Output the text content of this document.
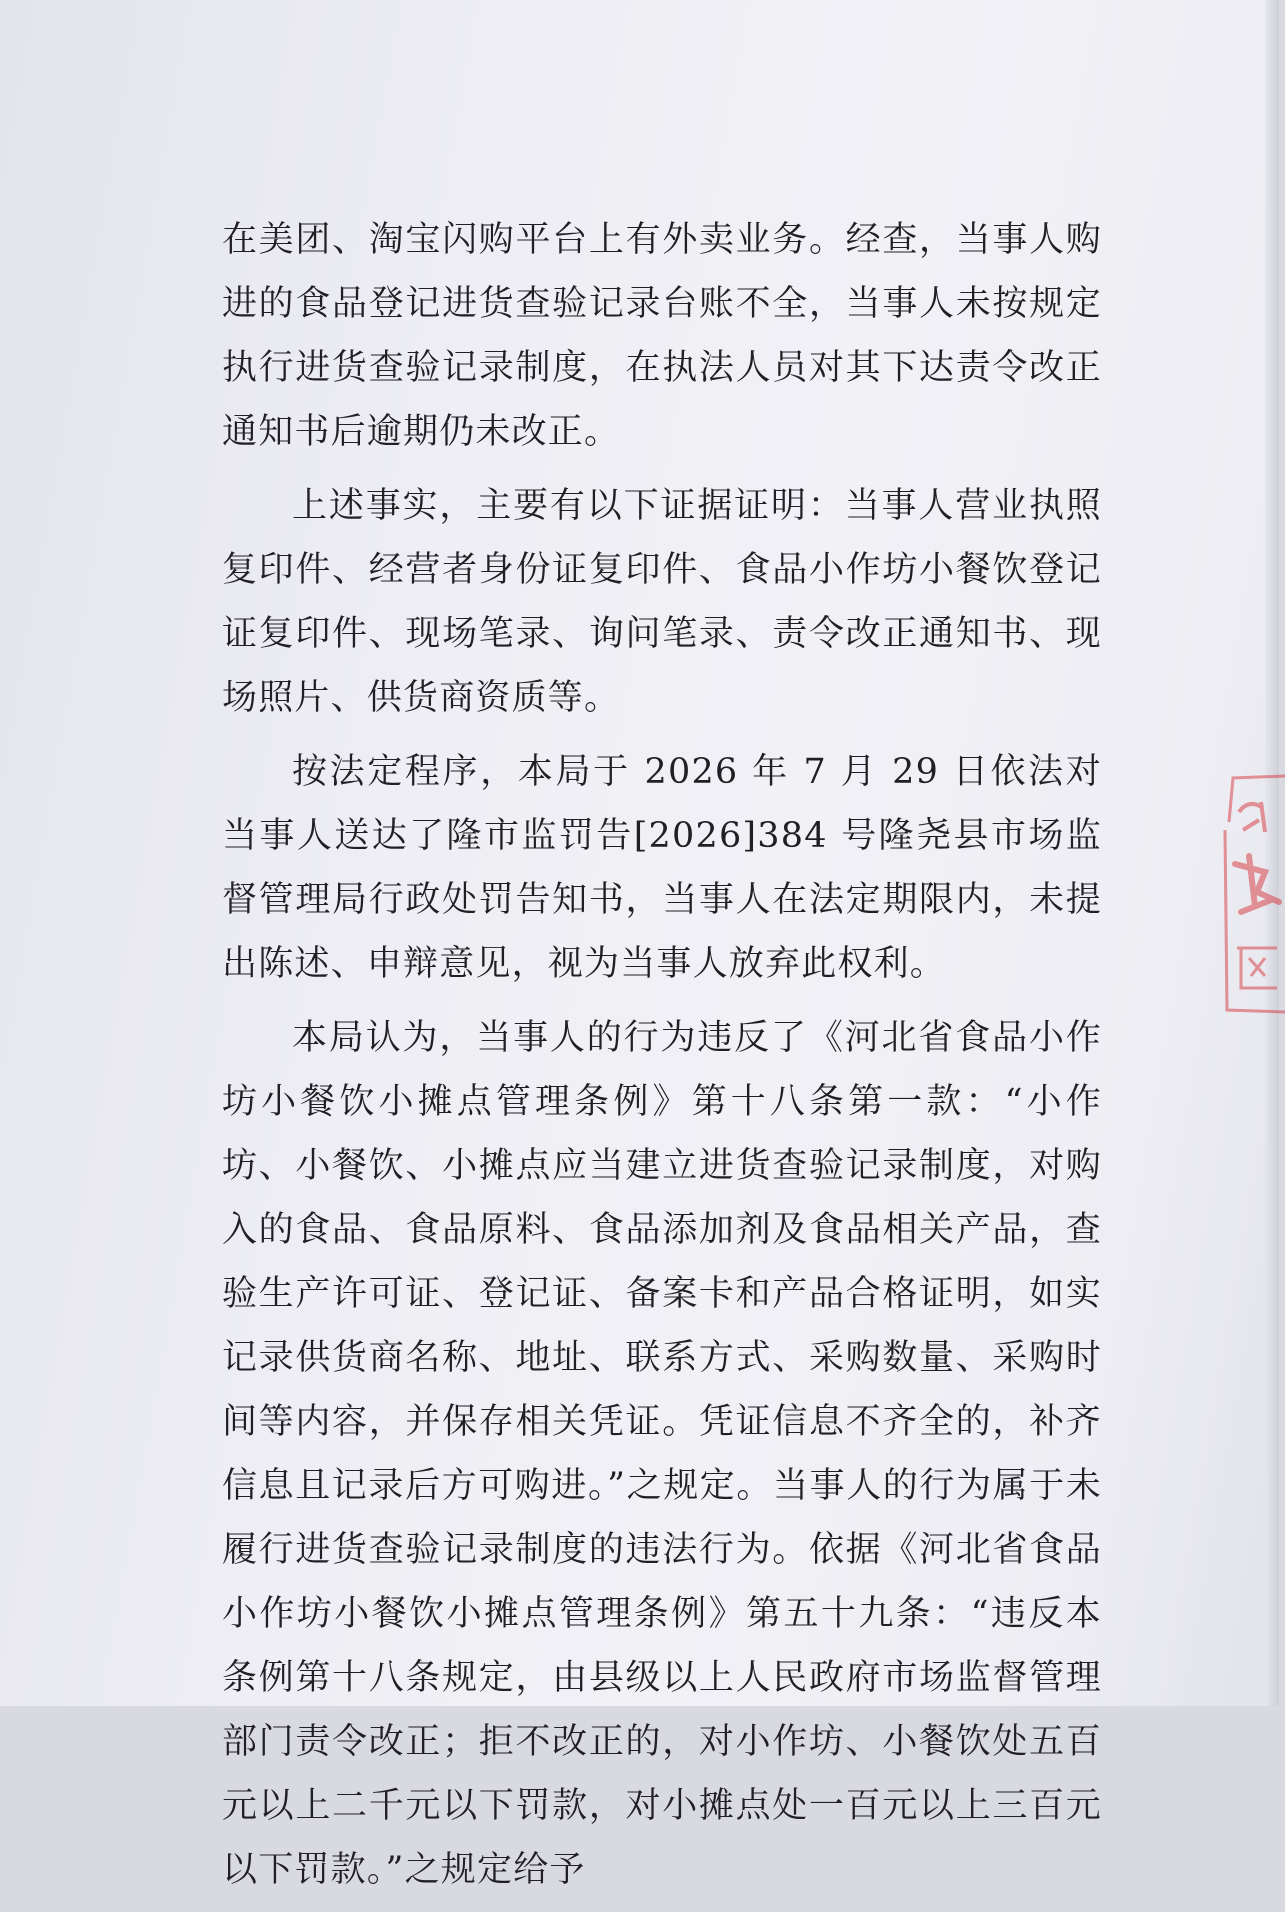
在美团、淘宝闪购平台上有外卖业务。经查，当事人购进的食品登记进货查验记录台账不全，当事人未按规定执行进货查验记录制度，在执法人员对其下达责令改正通知书后逾期仍未改正。

上述事实，主要有以下证据证明：当事人营业执照复印件、经营者身份证复印件、食品小作坊小餐饮登记证复印件、现场笔录、询问笔录、责令改正通知书、现场照片、供货商资质等。

按法定程序，本局于 2026 年 7 月 29 日依法对当事人送达了隆市监罚告[2026]384 号隆尧县市场监督管理局行政处罚告知书，当事人在法定期限内，未提出陈述、申辩意见，视为当事人放弃此权利。

本局认为，当事人的行为违反了《河北省食品小作坊小餐饮小摊点管理条例》第十八条第一款：“小作坊、小餐饮、小摊点应当建立进货查验记录制度，对购入的食品、食品原料、食品添加剂及食品相关产品，查验生产许可证、登记证、备案卡和产品合格证明，如实记录供货商名称、地址、联系方式、采购数量、采购时间等内容，并保存相关凭证。凭证信息不齐全的，补齐信息且记录后方可购进。”之规定。当事人的行为属于未履行进货查验记录制度的违法行为。依据《河北省食品小作坊小餐饮小摊点管理条例》第五十九条：“违反本条例第十八条规定，由县级以上人民政府市场监督管理部门责令改正；拒不改正的，对小作坊、小餐饮处五百元以上二千元以下罚款，对小摊点处一百元以上三百元以下罚款。”之规定给予
